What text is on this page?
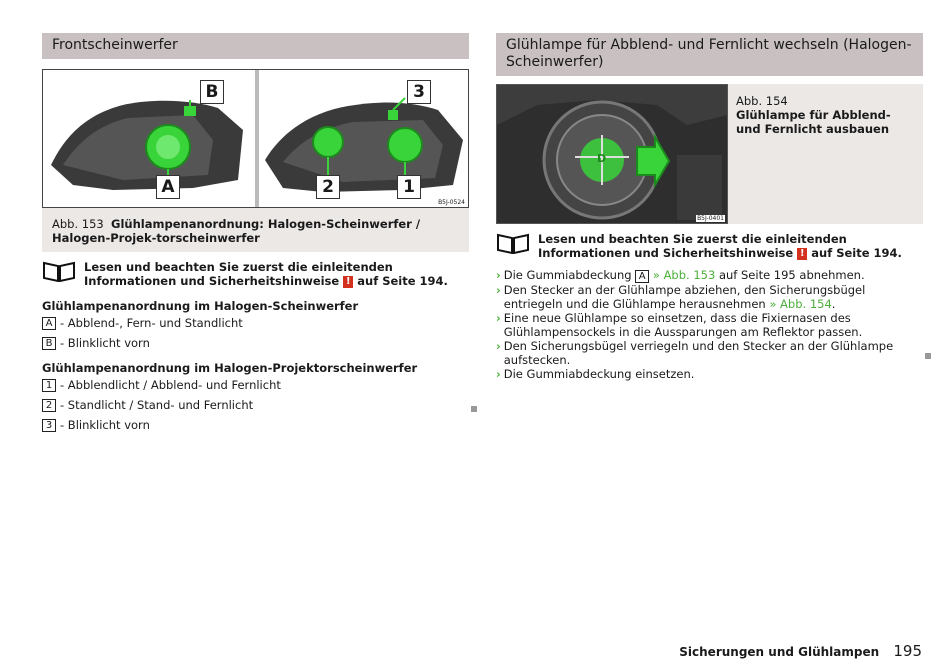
Frontscheinwerfer
B	3
A	2	1
B5J-0524
Abb. 153 Glühlampenanordnung: Halogen-Scheinwerfer / Halogen-Projek-torscheinwerfer
Lesen und beachten Sie zuerst die einleitenden Informationen und Sicherheitshinweise ! auf Seite 194.
Glühlampenanordnung im Halogen-Scheinwerfer
A - Abblend-, Fern- und Standlicht
B - Blinklicht vorn
Glühlampenanordnung im Halogen-Projektorscheinwerfer
1 - Abblendlicht / Abblend- und Fernlicht
2 - Standlicht / Stand- und Fernlicht
3 - Blinklicht vorn
Glühlampe für Abblend- und Fernlicht wechseln (Halogen-Scheinwerfer)
D
B5J-0401
Abb. 154
Glühlampe für Abblend- und Fernlicht ausbauen
Lesen und beachten Sie zuerst die einleitenden Informationen und Sicherheitshinweise ! auf Seite 194.
› Die Gummiabdeckung A » Abb. 153 auf Seite 195 abnehmen.
› Den Stecker an der Glühlampe abziehen, den Sicherungsbügel entriegeln und die Glühlampe herausnehmen » Abb. 154.
› Eine neue Glühlampe so einsetzen, dass die Fixiernasen des Glühlampensockels in die Aussparungen am Reflektor passen.
› Den Sicherungsbügel verriegeln und den Stecker an der Glühlampe aufstecken.
› Die Gummiabdeckung einsetzen.
Sicherungen und Glühlampen 195
